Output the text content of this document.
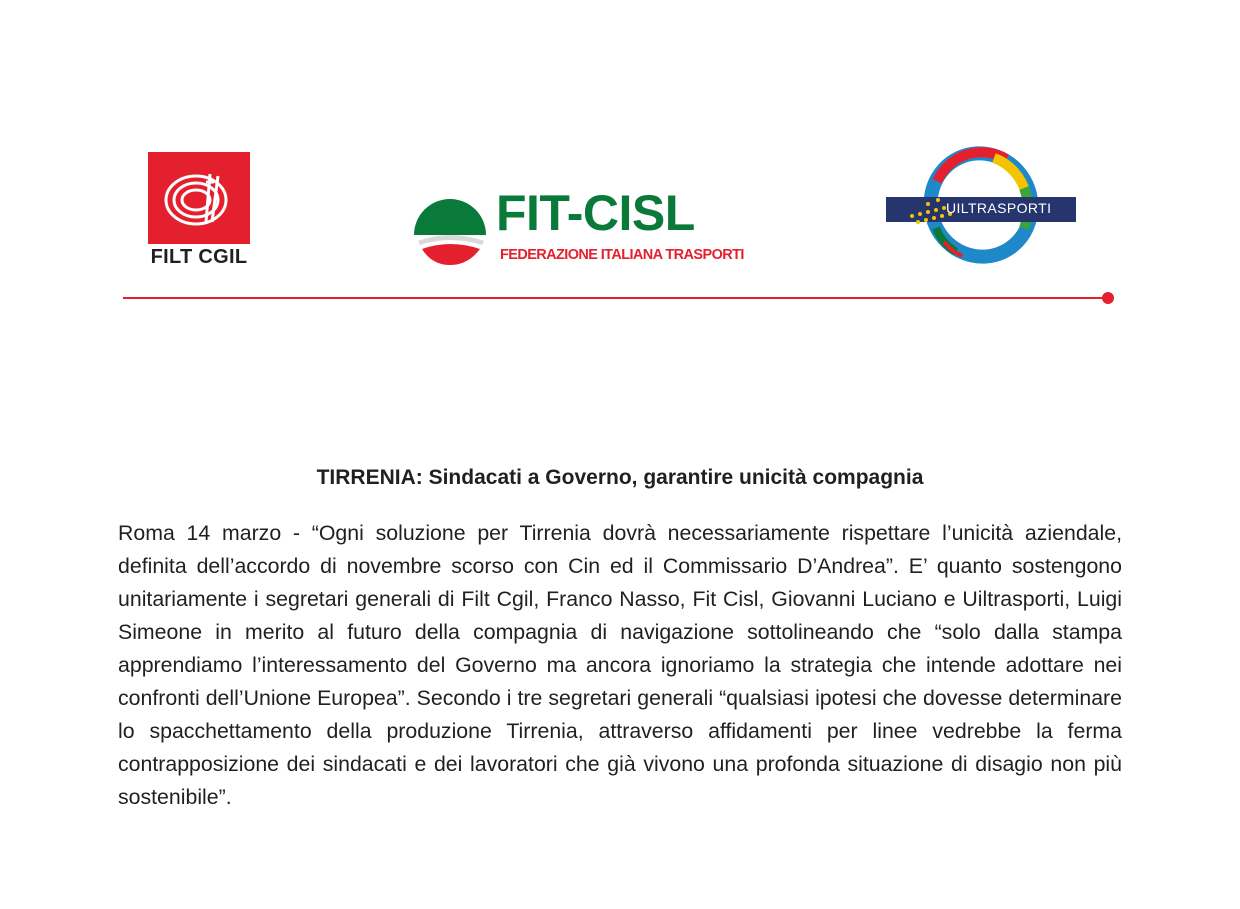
FILT CGIL
FIT-CISL
FEDERAZIONE ITALIANA TRASPORTI
UILTRASPORTI
TIRRENIA: Sindacati a Governo, garantire unicità compagnia
Roma 14 marzo - “Ogni soluzione per Tirrenia dovrà necessariamente rispettare l’unicità aziendale, definita dell’accordo di novembre scorso con Cin ed il Commissario D’Andrea”. E’ quanto sostengono unitariamente i segretari generali di Filt Cgil, Franco Nasso, Fit Cisl, Giovanni Luciano e Uiltrasporti, Luigi Simeone in merito al futuro della compagnia di navigazione sottolineando che “solo dalla stampa apprendiamo l’interessamento del Governo ma ancora ignoriamo la strategia che intende adottare nei confronti dell’Unione Europea”. Secondo i tre segretari generali “qualsiasi ipotesi che dovesse determinare lo spacchettamento della produzione Tirrenia, attraverso affidamenti per linee vedrebbe la ferma contrapposizione dei sindacati e dei lavoratori che già vivono una profonda situazione di disagio non più sostenibile”.
